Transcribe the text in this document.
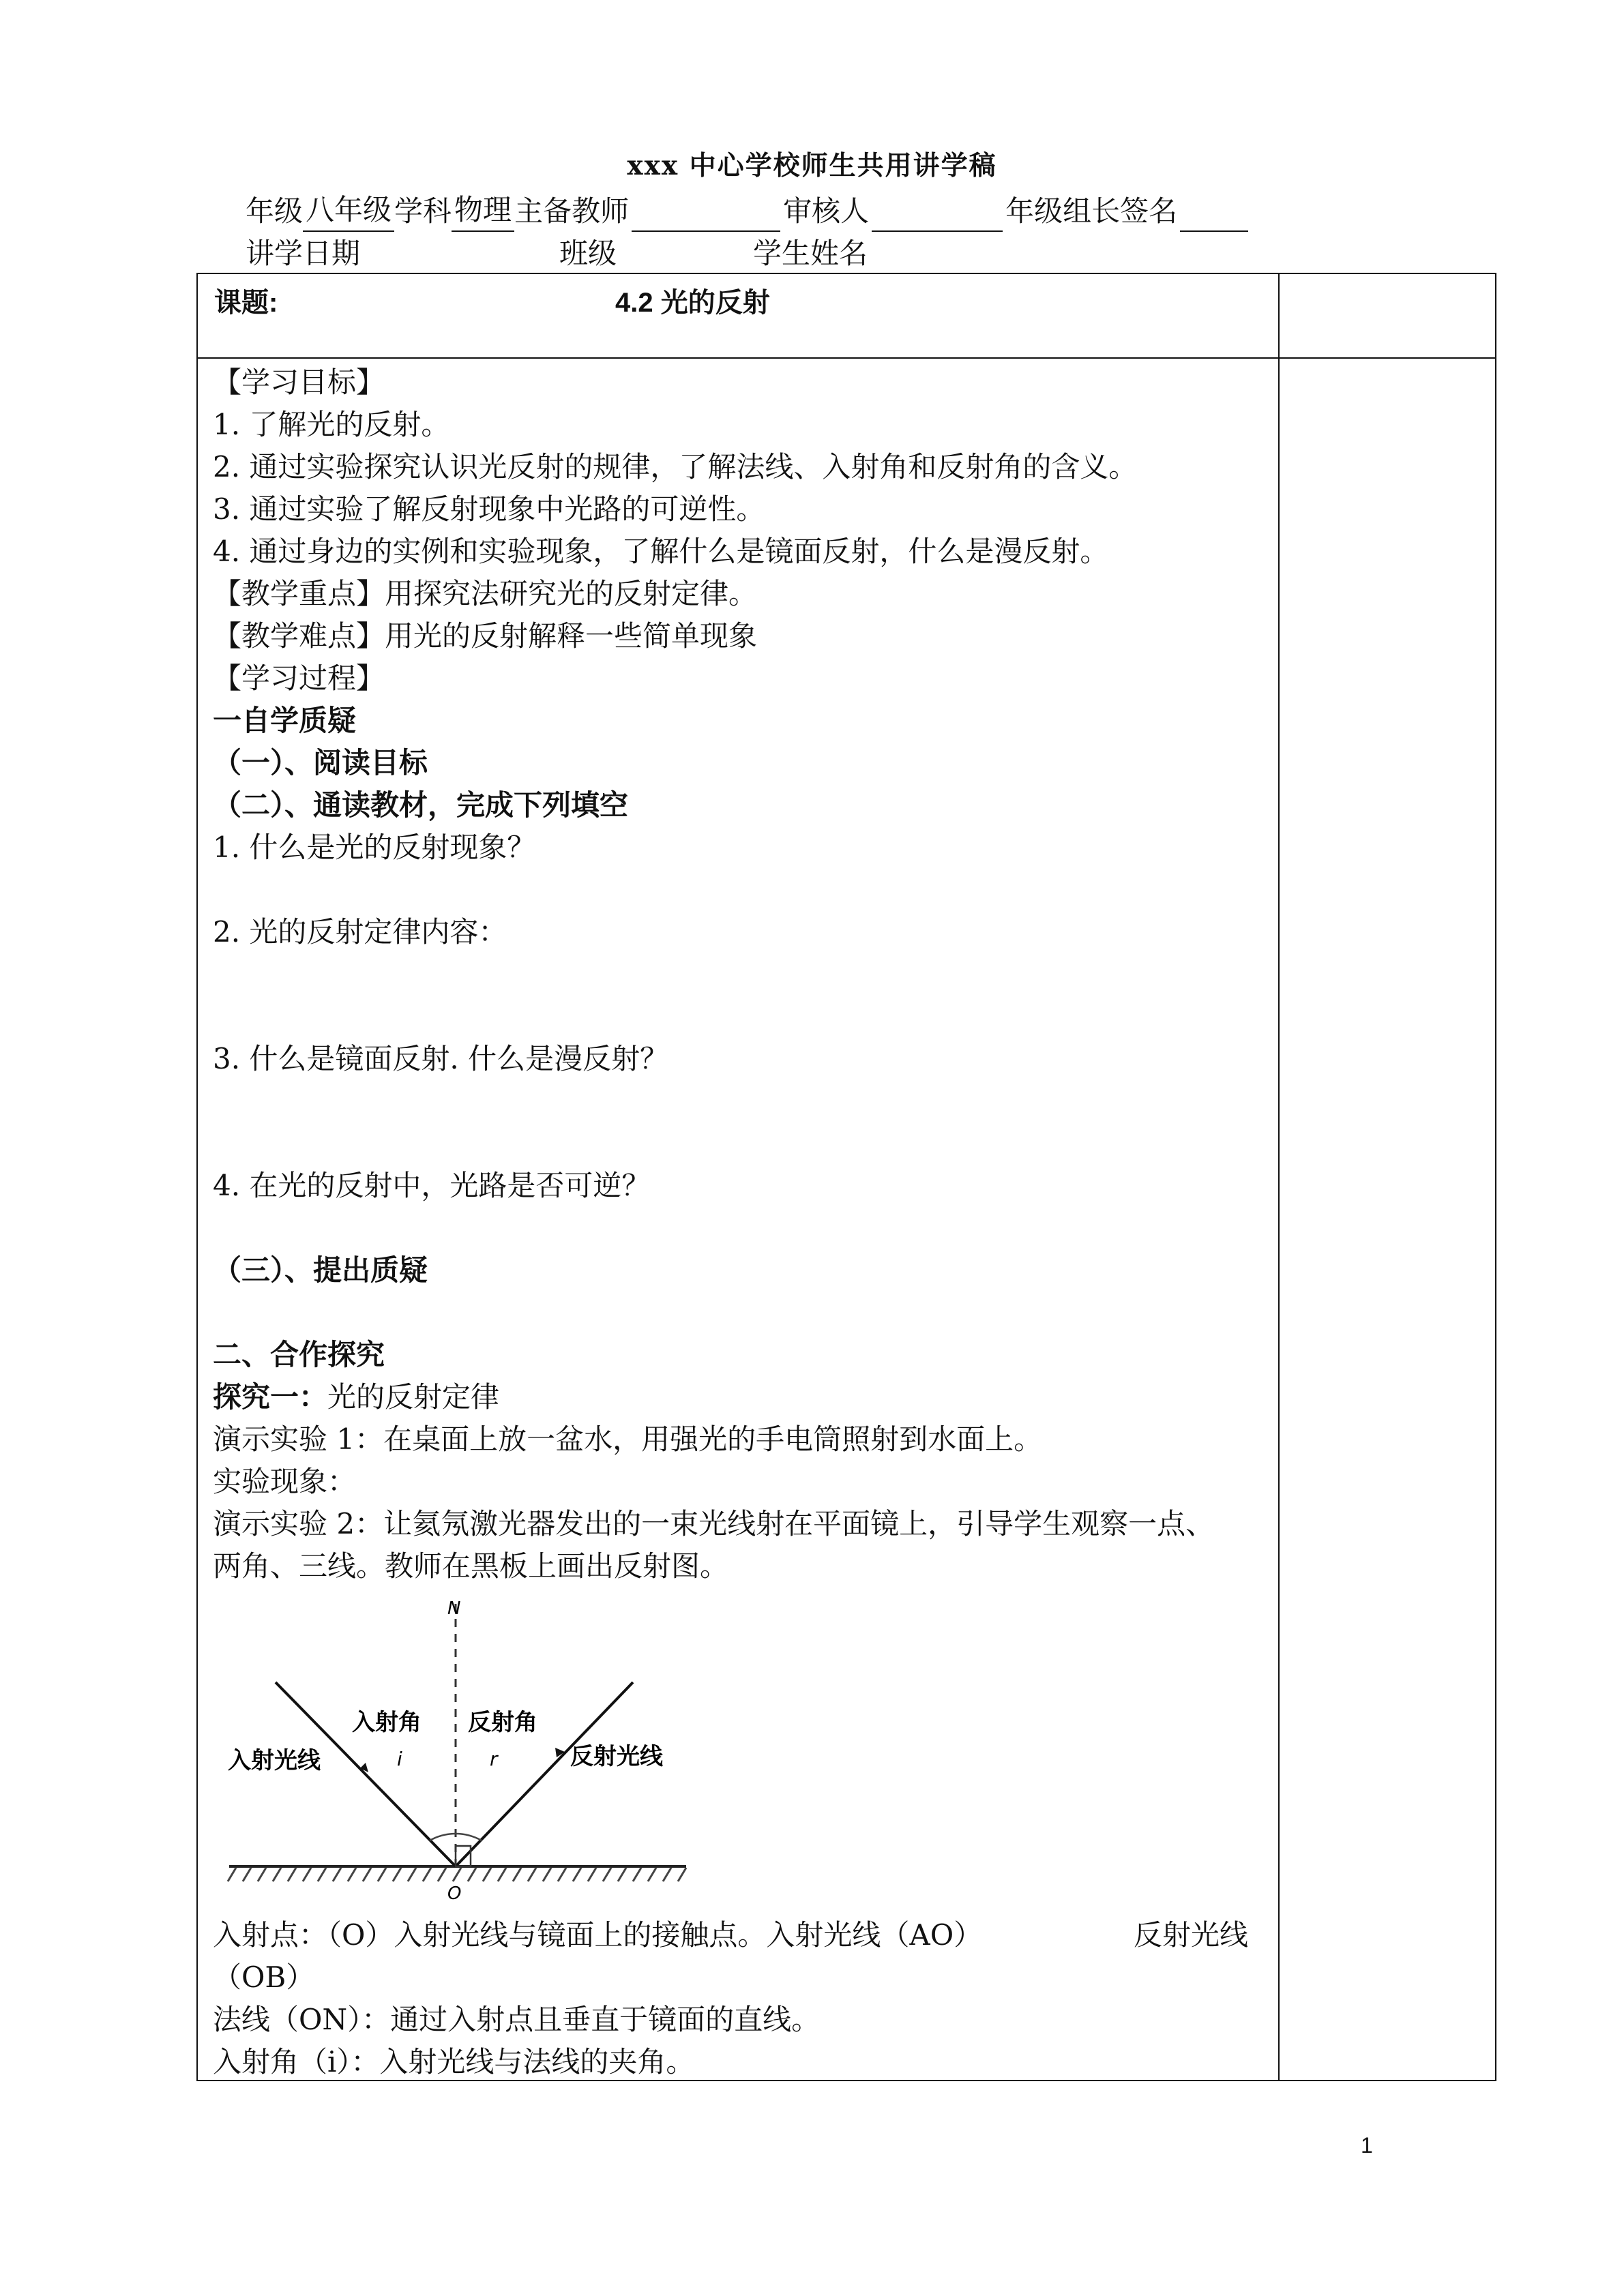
xxx 中心学校师生共用讲学稿
年级八年级学科物理主备教师	审核人	年级组长签名
讲学日期	班级	学生姓名
课题:	4.2 光的反射
【学习目标】
1. 了解光的反射。
2. 通过实验探究认识光反射的规律，了解法线、入射角和反射角的含义。
3. 通过实验了解反射现象中光路的可逆性。
4. 通过身边的实例和实验现象，了解什么是镜面反射，什么是漫反射。
【教学重点】用探究法研究光的反射定律。
【教学难点】用光的反射解释一些简单现象
【学习过程】
一自学质疑
（一）、阅读目标
（二）、通读教材，完成下列填空
1. 什么是光的反射现象？
2. 光的反射定律内容：
3. 什么是镜面反射. 什么是漫反射？
4. 在光的反射中，光路是否可逆？
（三）、提出质疑
二、合作探究
探究一：光的反射定律
演示实验 1：在桌面上放一盆水，用强光的手电筒照射到水面上。
实验现象：
演示实验 2：让氦氖激光器发出的一束光线射在平面镜上，引导学生观察一点、
两角、三线。教师在黑板上画出反射图。
N
O
入射角 反射角
入射光线	反射光线
i	r
入射点：（O）入射光线与镜面上的接触点。入射光线（AO）	反射光线
（OB）
法线（ON）：通过入射点且垂直于镜面的直线。
入射角（i）：入射光线与法线的夹角。
1
